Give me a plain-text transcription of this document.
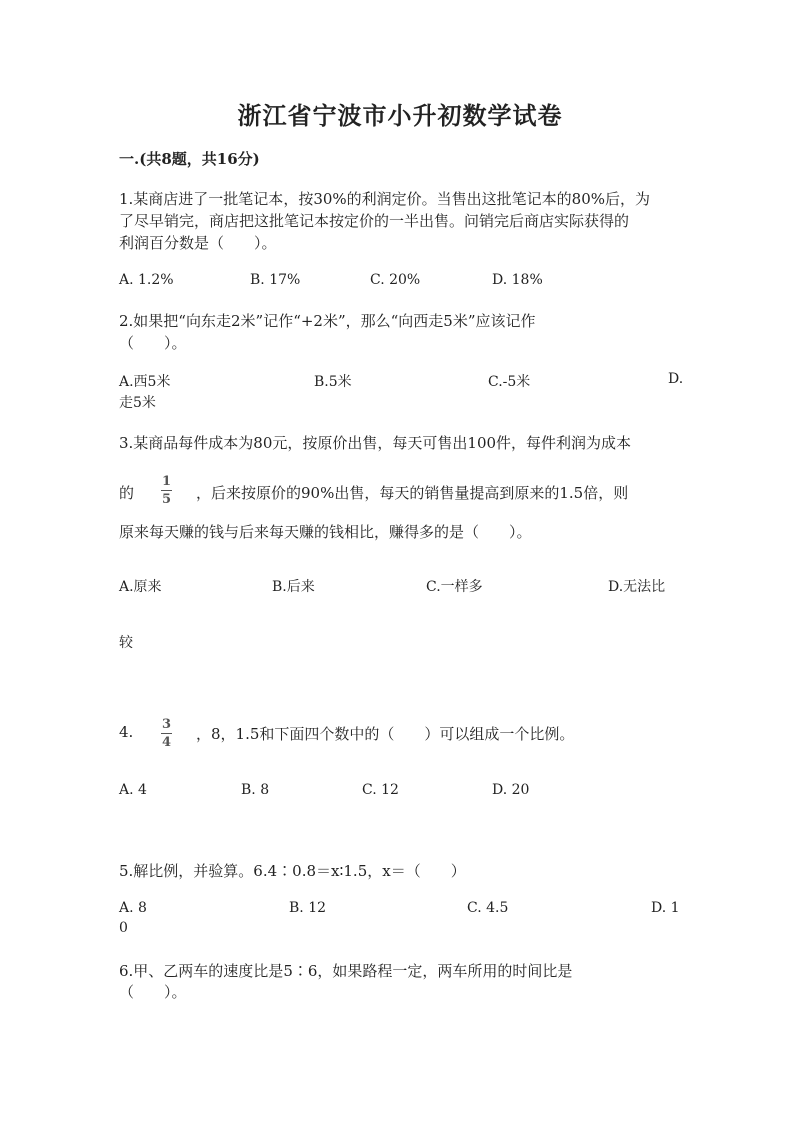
浙江省宁波市小升初数学试卷
一.(共8题，共16分)
1.某商店进了一批笔记本，按30%的利润定价。当售出这批笔记本的80%后，为
了尽早销完，商店把这批笔记本按定价的一半出售。问销完后商店实际获得的
利润百分数是（　　）。
A. 1.2%	B. 17%	C. 20%	D. 18%
2.如果把“向东走2米”记作“+2米”，那么“向西走5米”应该记作
（　　）。
A.西5米	B.5米	C.-5米	D.
走5米
3.某商品每件成本为80元，按原价出售，每天可售出100件，每件利润为成本
的
1
5 ，后来按原价的90%出售，每天的销售量提高到原来的1.5倍，则
原来每天赚的钱与后来每天赚的钱相比，赚得多的是（　　）。
A.原来	B.后来	C.一样多	D.无法比
较
4. 3
4 ，8，1.5和下面四个数中的（　　）可以组成一个比例。
A. 4	B. 8	C. 12	D. 20
5.解比例，并验算。6.4∶0.8＝x∶1.5，x＝（　　）
A. 8	B. 12	C. 4.5	D. 1
0
6.甲、乙两车的速度比是5∶6，如果路程一定，两车所用的时间比是
（　　）。
